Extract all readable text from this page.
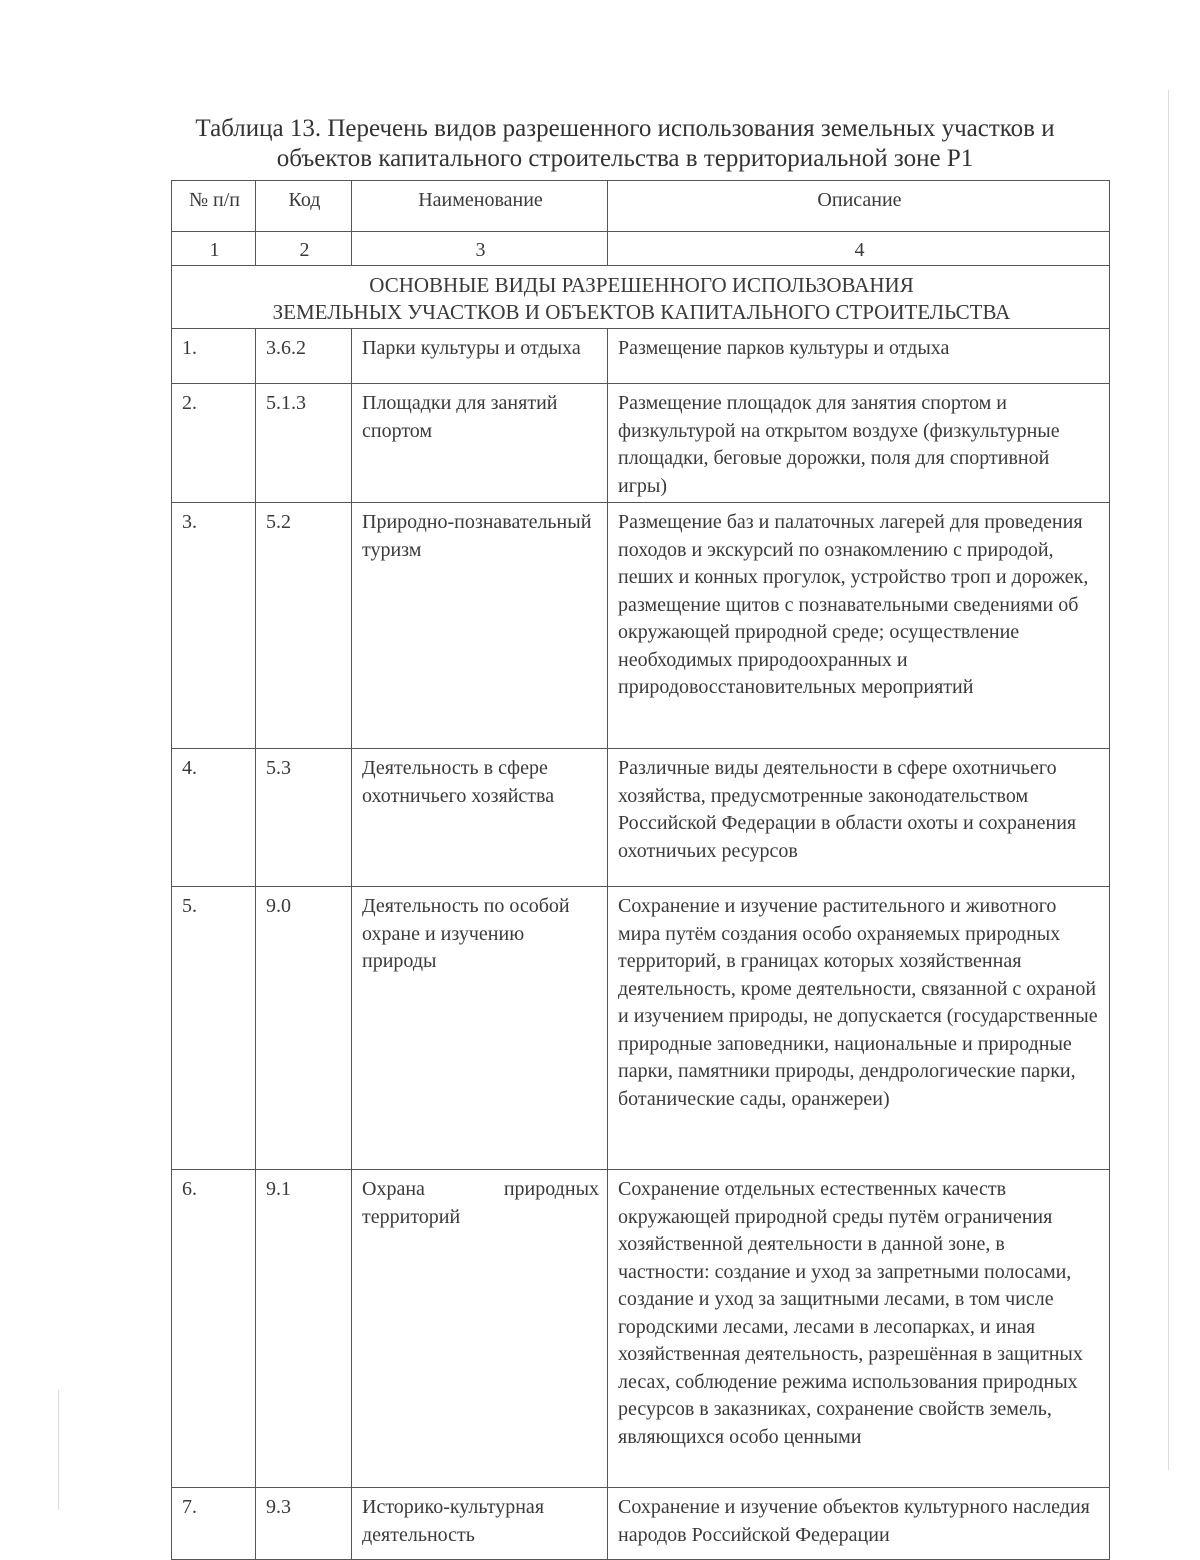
Таблица 13. Перечень видов разрешенного использования земельных участков и объектов капитального строительства в территориальной зоне Р1
№ п/п	Код	Наименование	Описание
1	2	3	4
ОСНОВНЫЕ ВИДЫ РАЗРЕШЕННОГО ИСПОЛЬЗОВАНИЯ
ЗЕМЕЛЬНЫХ УЧАСТКОВ И ОБЪЕКТОВ КАПИТАЛЬНОГО СТРОИТЕЛЬСТВА			
1.	3.6.2	Парки культуры и отдыха	Размещение парков культуры и отдыха
2.	5.1.3	Площадки для занятий спортом	Размещение площадок для занятия спортом и физкультурой на открытом воздухе (физкультурные площадки, беговые дорожки, поля для спортивной игры)
3.	5.2	Природно-познавательный туризм	Размещение баз и палаточных лагерей для проведения походов и экскурсий по ознакомлению с природой, пеших и конных прогулок, устройство троп и дорожек, размещение щитов с познавательными сведениями об окружающей природной среде; осуществление необходимых природоохранных и природовосстановительных мероприятий
4.	5.3	Деятельность в сфере охотничьего хозяйства	Различные виды деятельности в сфере охотничьего хозяйства, предусмотренные законодательством Российской Федерации в области охоты и сохранения охотничьих ресурсов
5.	9.0	Деятельность по особой охране и изучению природы	Сохранение и изучение растительного и животного мира путём создания особо охраняемых природных территорий, в границах которых хозяйственная деятельность, кроме деятельности, связанной с охраной и изучением природы, не допускается (государственные природные заповедники, национальные и природные парки, памятники природы, дендрологические парки, ботанические сады, оранжереи)
6.	9.1	Охрана природных территорий	Сохранение отдельных естественных качеств окружающей природной среды путём ограничения хозяйственной деятельности в данной зоне, в частности: создание и уход за запретными полосами, создание и уход за защитными лесами, в том числе городскими лесами, лесами в лесопарках, и иная хозяйственная деятельность, разрешённая в защитных лесах, соблюдение режима использования природных ресурсов в заказниках, сохранение свойств земель, являющихся особо ценными
7.	9.3	Историко-культурная деятельность	Сохранение и изучение объектов культурного наследия народов Российской Федерации
